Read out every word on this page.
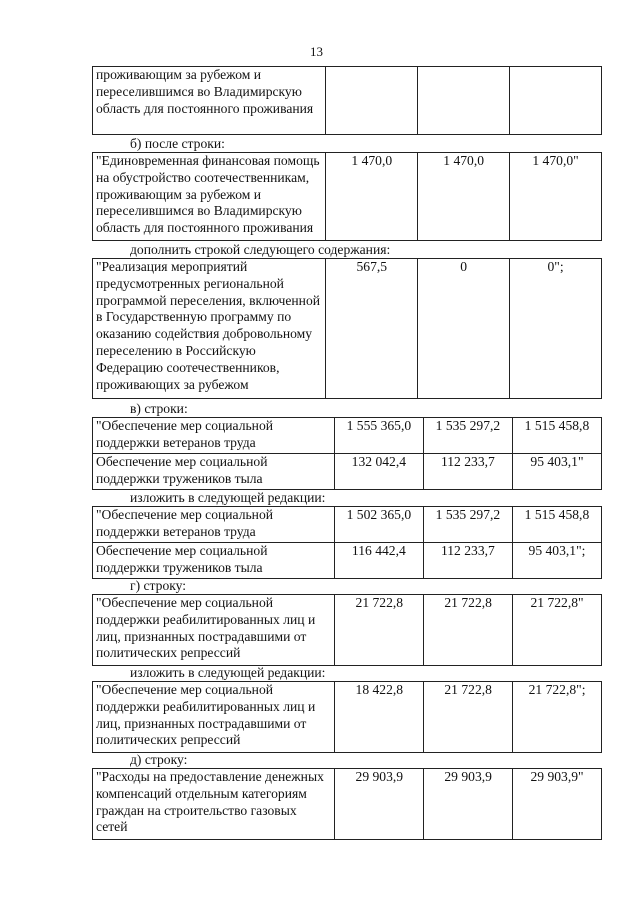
13
проживающим за рубежом и переселившимся во Владимирскую область для постоянного проживания			
б) после строки:
"Единовременная финансовая помощь на обустройство соотечественникам, проживающим за рубежом и переселившимся во Владимирскую область для постоянного проживания	1 470,0	1 470,0	1 470,0"
дополнить строкой следующего содержания:
"Реализация мероприятий предусмотренных региональной программой переселения, включенной в Государственную программу по оказанию содействия добровольному переселению в Российскую Федерацию соотечественников, проживающих за рубежом	567,5	0	0";
в) строки:
"Обеспечение мер социальной поддержки ветеранов труда	1 555 365,0	1 535 297,2	1 515 458,8
Обеспечение мер социальной поддержки тружеников тыла	132 042,4	112 233,7	95 403,1"
изложить в следующей редакции:
"Обеспечение мер социальной поддержки ветеранов труда	1 502 365,0	1 535 297,2	1 515 458,8
Обеспечение мер социальной поддержки тружеников тыла	116 442,4	112 233,7	95 403,1";
г) строку:
"Обеспечение мер социальной поддержки реабилитированных лиц и лиц, признанных пострадавшими от политических репрессий	21 722,8	21 722,8	21 722,8"
изложить в следующей редакции:
"Обеспечение мер социальной поддержки реабилитированных лиц и лиц, признанных пострадавшими от политических репрессий	18 422,8	21 722,8	21 722,8";
д) строку:
"Расходы на предоставление денежных компенсаций отдельным категориям граждан на строительство газовых сетей	29 903,9	29 903,9	29 903,9"
